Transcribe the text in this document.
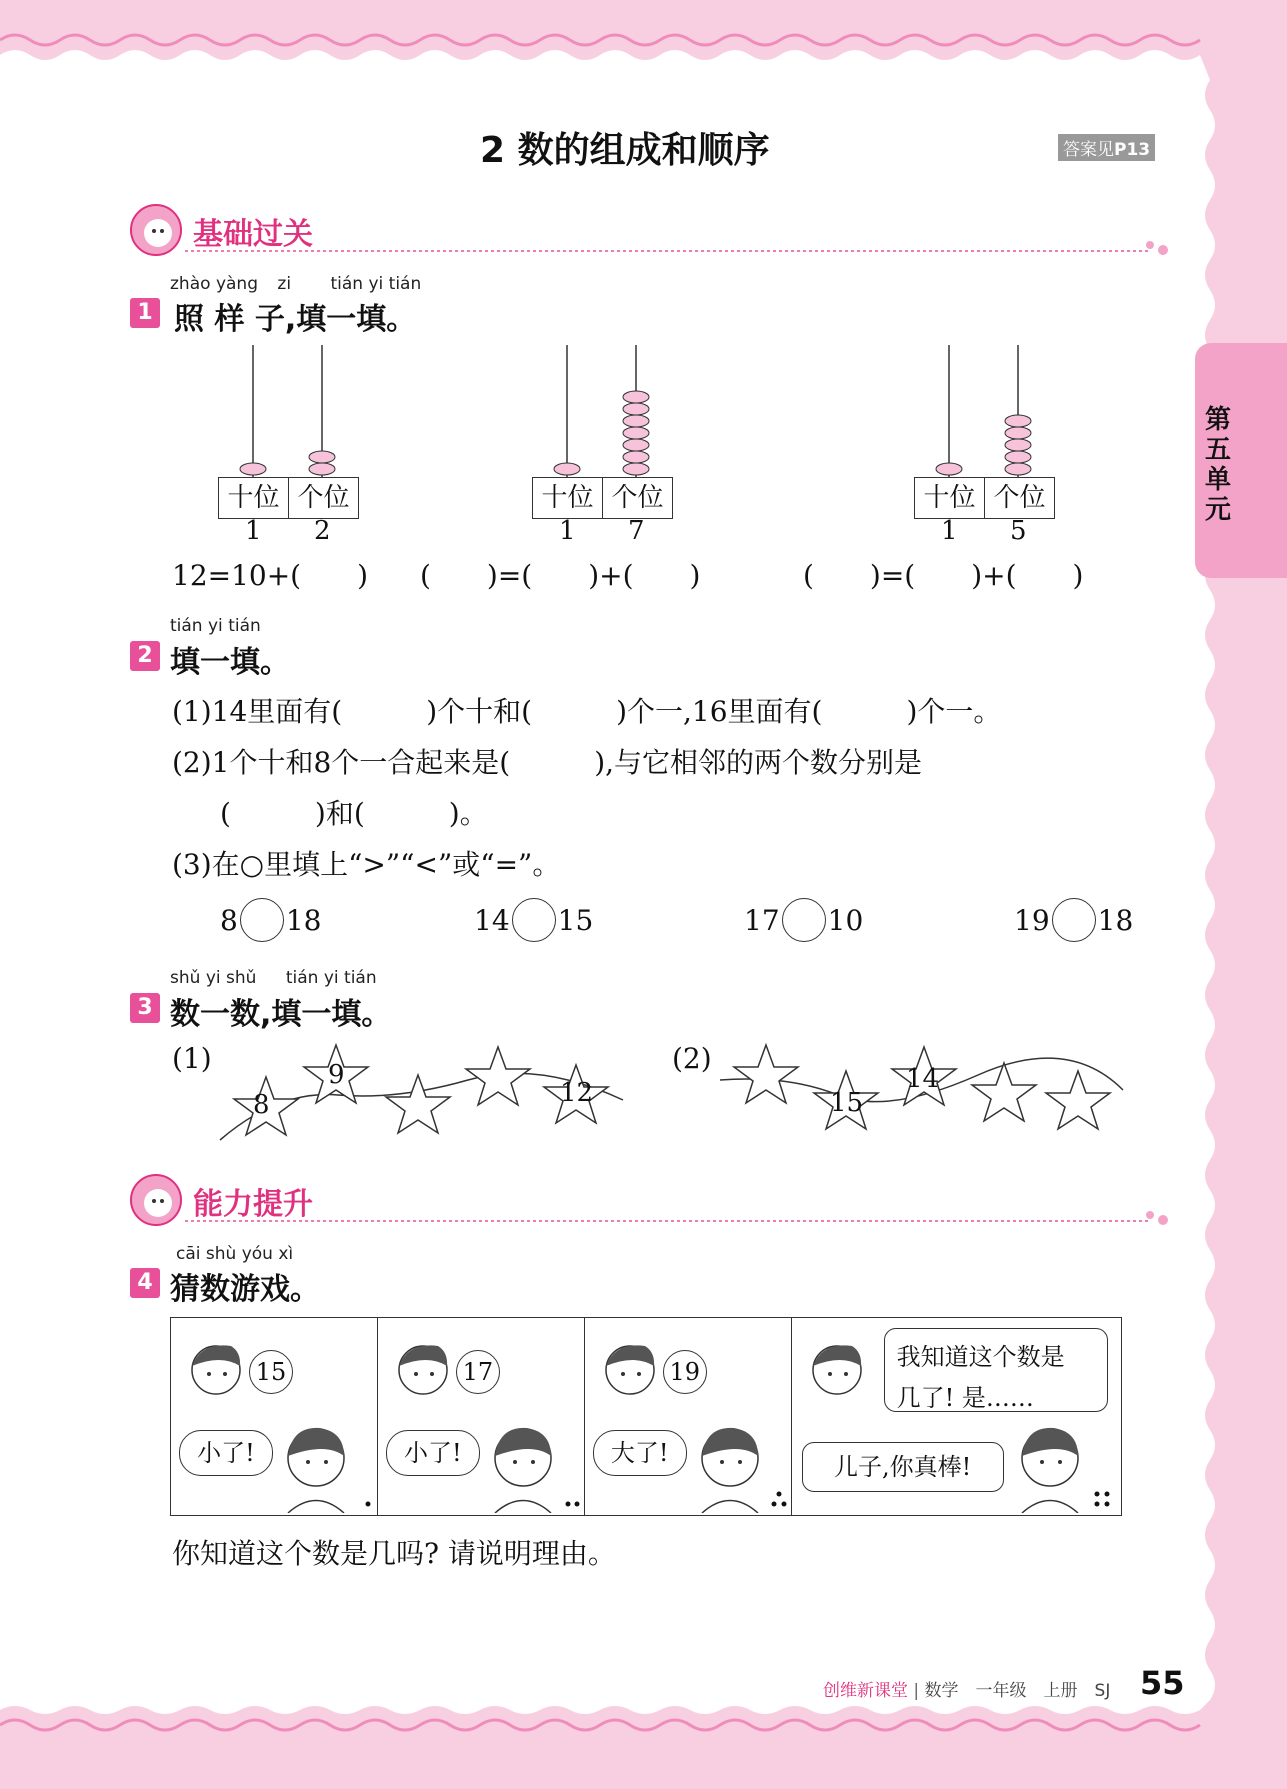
2 数的组成和顺序	答案见P13
第五单元
基础过关
zhào yàng zi tián yi tián
1 照 样 子,填一填。
十位 个位
1 2
十位 个位
1 7
十位 个位
1 5
12=10+(　　) (　　)=(　　)+(　　)	(　　)=(　　)+(　　)
tián yi tián
2 填一填。
(1)14里面有(　　　)个十和(　　　)个一,16里面有(　　　)个一。
(2)1个十和8个一合起来是(　　　),与它相邻的两个数分别是
(　　　)和(　　　)。
(3)在○里填上“>”“<”或“=”。
8 18	14 15	17 10	19 18
shǔ yi shǔ tián yi tián
3 数一数,填一填。
(1)
8
9
12
(2)
15
14
能力提升
cāi shù yóu xì
4 猜数游戏。
15
小了!
17
小了!
19
大了!
我知道这个数是
几了! 是……
儿子,你真棒!
你知道这个数是几吗? 请说明理由。
创维新课堂 | 数学　一年级　上册　SJ 55
